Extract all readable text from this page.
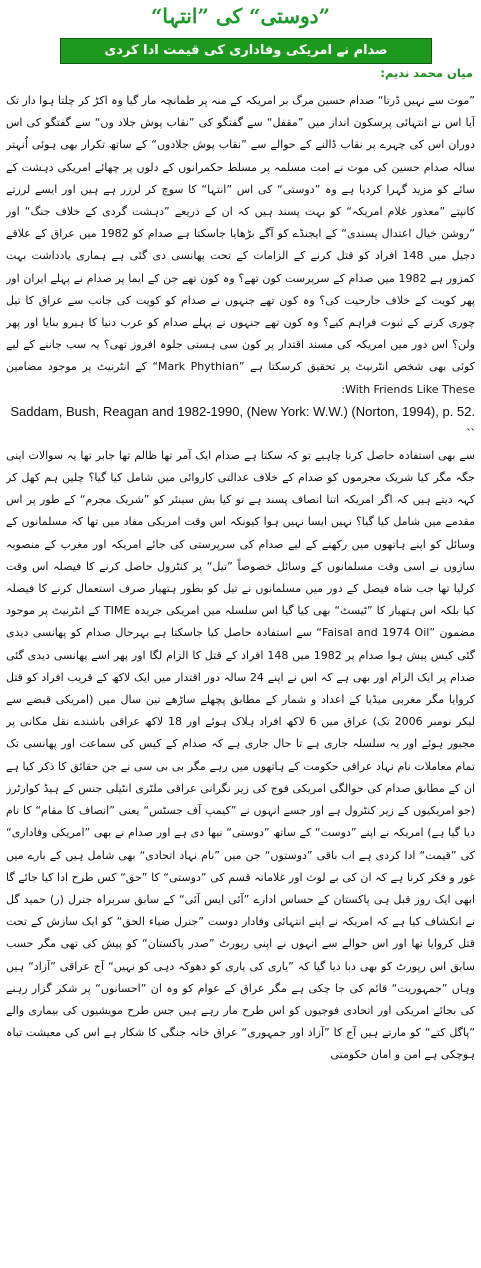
”دوستی“ کی ”انتہا“
صدام نے امریکی وفاداری کی قیمت ادا کردی
میاں محمد ندیم:

”موت سے نہیں ڈرتا“ صدام حسین مرگ بر امریکہ کے منہ پر طمانچہ مار گیا وہ اکڑ کر چلتا ہوا دار تک آیا اس نے انتہائی پرسکون انداز میں ”مقفل“ سے گفتگو کی ”نقاب پوش جلاد وں“ سے گفتگو کی اس دوران اس کی چہرے پر نقاب ڈالنے کے حوالے سے ”نقاب پوش جلادوں“ کے ساتھ تکرار بھی ہوئی اُنہتر سالہ صدام حسین کی موت نے امت مسلمہ پر مسلط حکمرانوں کے دلوں پر چھائے امریکی دہشت کے سائے کو مزید گہرا کردیا ہے وہ ”دوستی“ کی اس ”انتہا“ کا سوچ کر لرزر ہے ہیں اور ایسے لرزتے کانپتے ”معذور غلام امریکہ“ کو بہت پسند ہیں کہ ان کے ذریعے ”دہشت گردی کے خلاف جنگ“ اور ”روشن خیال اعتدال پسندی“ کے ایجنڈے کو آگے بڑھایا جاسکتا ہے صدام کو 1982 میں عراق کے علاقے دجیل میں 148 افراد کو قتل کرنے کے الزامات کے تحت پھانسی دی گئی ہے ہماری یادداشت بہت کمزور ہے 1982 میں صدام کے سرپرست کون تھے؟ وہ کون تھے جن کے ایما پر صدام نے پہلے ایران اور پھر کویت کے خلاف جارحیت کی؟ وہ کون تھے جنہوں نے صدام کو کویت کی جانب سے عراق کا تیل چوری کرنے کے ثبوت فراہم کیے؟ وہ کون تھے جنہوں نے پہلے صدام کو عرب دنیا کا ہیرو بنایا اور پھر ولن؟ اس دور میں امریکہ کی مسند اقتدار پر کون سی ہستی جلوہ افروز تھی؟ یہ سب جاننے کے لیے کوئی بھی شخص انٹرنیٹ پر تحقیق کرسکتا ہے ”Mark Phythian“ کے انٹرنیٹ پر موجود مضامین With Friends Like These:

Saddam, Bush, Reagan and 1982-1990, (New York: W.W.) (Norton, 1994), p. 52. ``

سے بھی استفادہ حاصل کرنا چاہیے تو کہ سکتا ہے صدام ایک آمر تھا ظالم تھا جابر تھا یہ سوالات اپنی جگہ مگر کیا شریک مجرموں کو صدام کے خلاف عدالتی کاروائی میں شامل کیا گیا؟ چلیں ہم کھل کر کہہ دیتے ہیں کہ اگر امریکہ اتنا انصاف پسند ہے تو کیا بش سینئر کو ”شریک مجرم“ کے طور پر اس مقدمے میں شامل کیا گیا؟ نہیں ایسا نہیں ہوا کیونکہ اس وقت امریکی مفاد میں تھا کہ مسلمانوں کے وسائل کو اپنے ہاتھوں میں رکھنے کے لیے صدام کی سرپرستی کی جائے امریکہ اور مغرب کے منصوبہ سازوں نے اسی وقت مسلمانوں کے وسائل خصوصاً ”تیل“ پر کنٹرول حاصل کرنے کا فیصلہ اس وقت کرلیا تھا جب شاہ فیصل کے دور میں مسلمانوں نے تیل کو بطور ہتھیار صرف استعمال کرنے کا فیصلہ کیا بلکہ اس ہتھیار کا ”ٹیسٹ“ بھی کیا گیا اس سلسلہ میں امریکی جریدہ TIME کے انٹرنیٹ پر موجود مضمون ”Faisal and 1974 Oil“ سے استفادہ حاصل کیا جاسکتا ہے بہرحال صدام کو پھانسی دیدی گئی کیس پیش ہوا صدام پر 1982 میں 148 افراد کے قتل کا الزام لگا اور پھر اسے پھانسی دیدی گئی صدام پر ایک الزام اور بھی ہے کہ اس نے اپنے 24 سالہ دور اقتدار میں ایک لاکھ کے قریب افراد کو قتل کروایا مگر مغربی میڈیا کے اعداد و شمار کے مطابق پچھلے ساڑھے تین سال میں (امریکی قبضے سے لیکر نومبر 2006 تک) عراق میں 6 لاکھ افراد ہلاک ہوئے اور 18 لاکھ عراقی باشندے نقل مکانی پر مجبور ہوئے اور یہ سلسلہ جاری ہے تا حال جاری ہے کہ صدام کے کیس کی سماعت اور پھانسی تک تمام معاملات نام نہاد عراقی حکومت کے ہاتھوں میں رہے مگر بی بی سی نے جن حقائق کا ذکر کیا ہے ان کے مطابق صدام کی حوالگی امریکی فوج کی زیر نگرانی عراقی ملٹری انٹیلی جنس کے ہیڈ کوارٹرز (جو امریکیوں کے زیر کنٹرول ہے اور جسے انہوں نے ”کیمپ آف جسٹس“ یعنی ”انصاف کا مقام“ کا نام دیا گیا ہے) امریکہ نے اپنے ”دوست“ کے ساتھ ”دوستی“ نبھا دی ہے اور صدام نے بھی ”امریکی وفاداری“ کی ”قیمت“ ادا کردی ہے اب باقی ”دوستوں“ جن میں ”نام نہاد اتحادی“ بھی شامل ہیں کے بارے میں غور و فکر کرنا ہے کہ ان کی بے لوث اور غلامانہ قسم کی ”دوستی“ کا ”حق“ کس طرح ادا کیا جائے گا ابھی ایک روز قبل ہی پاکستان کے حساس ادارے ”آئی ایس آئی“ کے سابق سربراہ جنرل (ر) حمید گل نے انکشاف کیا ہے کہ امریکہ نے اپنے انتہائی وفادار دوست ”جنرل ضیاء الحق“ کو ایک سازش کے تحت قتل کروایا تھا اور اس حوالے سے انہوں نے اپنی رپورٹ ”صدر پاکستان“ کو پیش کی تھی مگر حسب سابق اس رپورٹ کو بھی دبا دیا گیا کہ ”یاری کی یاری کو دھوکہ دہی کو نہیں“ آج عراقی ”آزاد“ ہیں وہاں ”جمہوریت“ قائم کی جا چکی ہے مگر عراق کے عوام کو وہ ان ”احسانوں“ پر شکر گزار رہنے کی بجائے امریکی اور اتحادی فوجیوں کو اس طرح مار رہے ہیں جس طرح مویشیوں کی بیماری والے ”پاگل کتے“ کو مارتے ہیں آج کا ”آزاد اور جمہوری“ عراق خانہ جنگی کا شکار ہے اس کی معیشت تباہ ہوچکی ہے امن و امان حکومتی
